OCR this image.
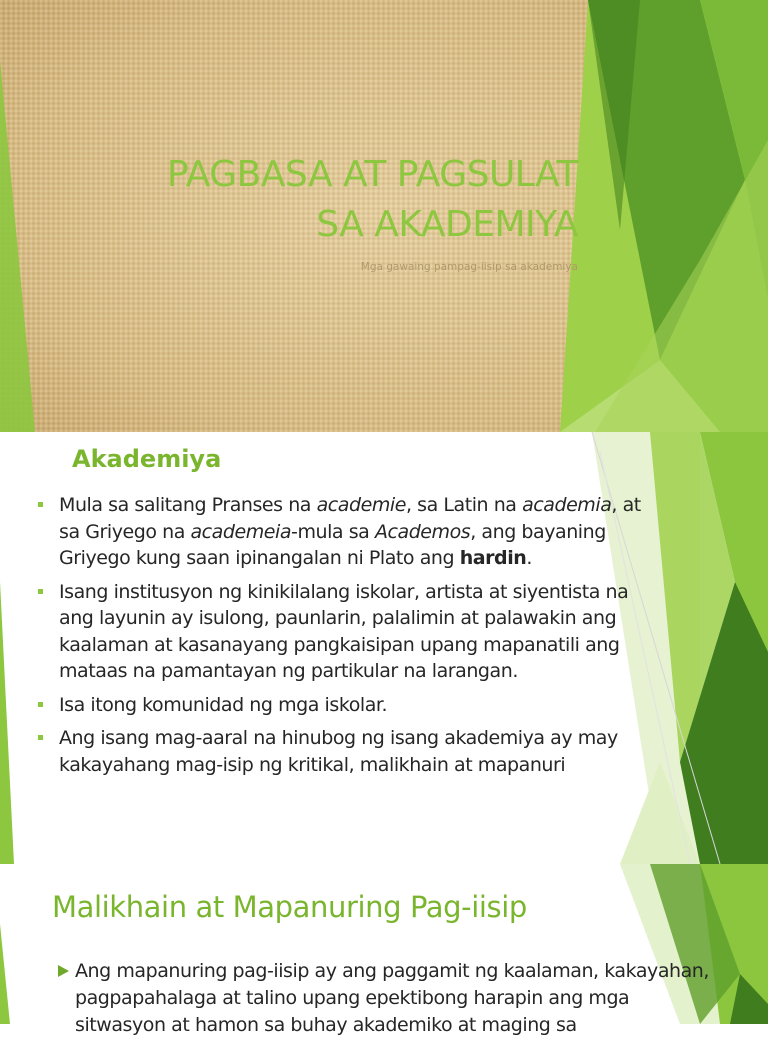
PAGBASA AT PAGSULAT
SA AKADEMIYA
Mga gawaing pampag-iisip sa akademiya
Akademiya
Mula sa salitang Pranses na academie, sa Latin na academia, at sa Griyego na academeia-mula sa Academos, ang bayaning Griyego kung saan ipinangalan ni Plato ang hardin.
Isang institusyon ng kinikilalang iskolar, artista at siyentista na ang layunin ay isulong, paunlarin, palalimin at palawakin ang kaalaman at kasanayang pangkaisipan upang mapanatili ang mataas na pamantayan ng partikular na larangan.
Isa itong komunidad ng mga iskolar.
Ang isang mag-aaral na hinubog ng isang akademiya ay may kakayahang mag-isip ng kritikal, malikhain at mapanuri
Malikhain at Mapanuring Pag-iisip
Ang mapanuring pag-iisip ay ang paggamit ng kaalaman, kakayahan, pagpapahalaga at talino upang epektibong harapin ang mga sitwasyon at hamon sa buhay akademiko at maging sa
